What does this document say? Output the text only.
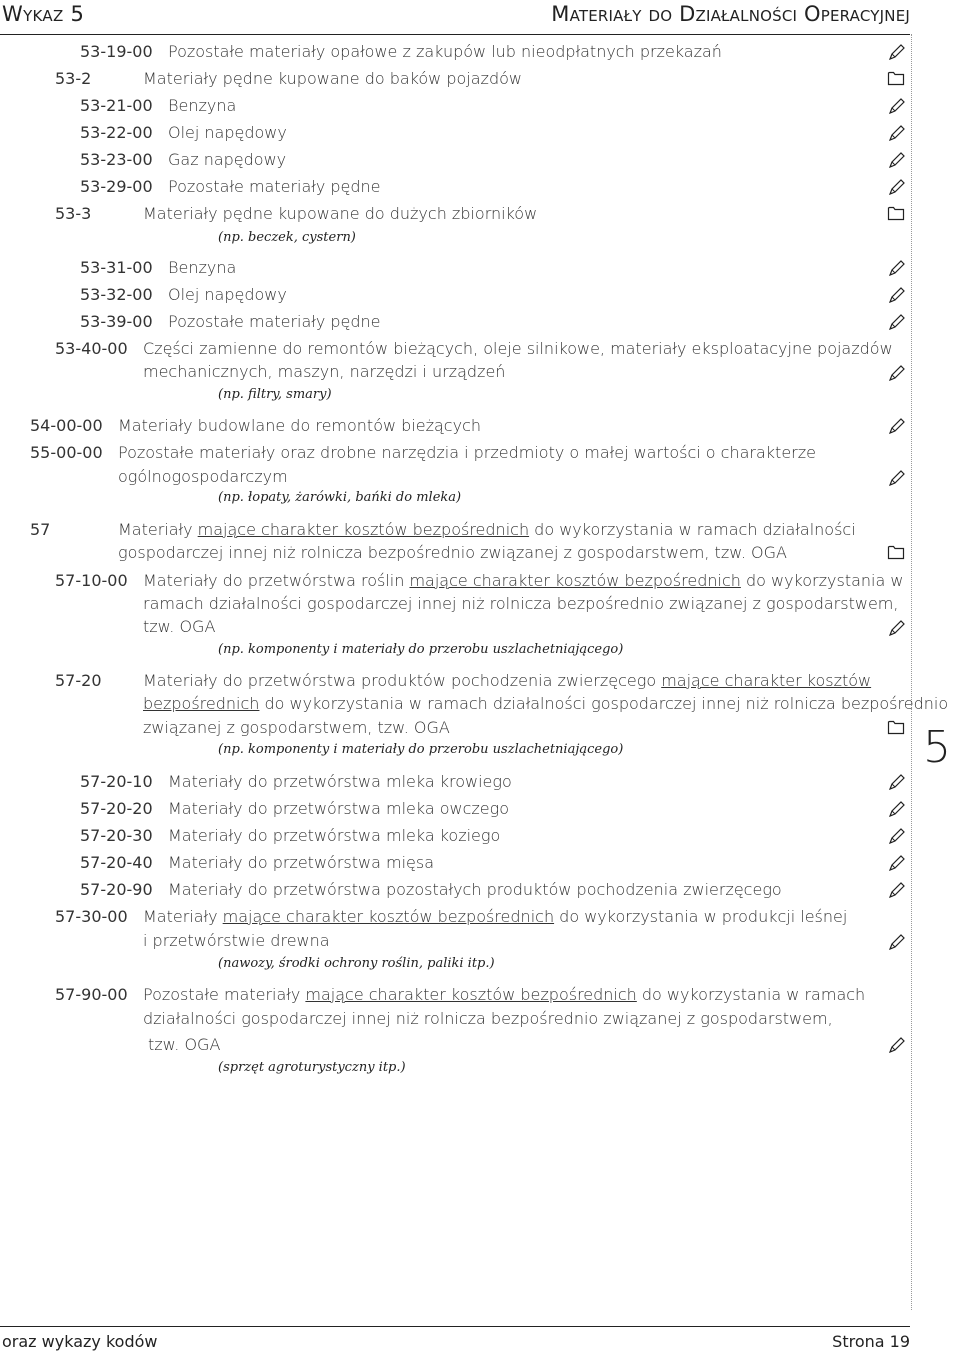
Wykaz 5	Materiały do Działalności Operacyjnej
5
53-19-00 Pozostałe materiały opałowe z zakupów lub nieodpłatnych przekazań
53-2	Materiały pędne kupowane do baków pojazdów
53-21-00 Benzyna
53-22-00 Olej napędowy
53-23-00 Gaz napędowy
53-29-00 Pozostałe materiały pędne
53-3	Materiały pędne kupowane do dużych zbiorników
(np. beczek, cystern)
53-31-00 Benzyna
53-32-00 Olej napędowy
53-39-00 Pozostałe materiały pędne
53-40-00 Części zamienne do remontów bieżących, oleje silnikowe, materiały eksploatacyjne pojazdów
mechanicznych, maszyn, narzędzi i urządzeń
(np. filtry, smary)
54-00-00 Materiały budowlane do remontów bieżących
55-00-00 Pozostałe materiały oraz drobne narzędzia i przedmioty o małej wartości o charakterze
ogólnogospodarczym
(np. łopaty, żarówki, bańki do mleka)
57	Materiały mające charakter kosztów bezpośrednich do wykorzystania w ramach działalności
gospodarczej innej niż rolnicza bezpośrednio związanej z gospodarstwem, tzw. OGA
57-10-00 Materiały do przetwórstwa roślin mające charakter kosztów bezpośrednich do wykorzystania w
ramach działalności gospodarczej innej niż rolnicza bezpośrednio związanej z gospodarstwem,
tzw. OGA
(np. komponenty i materiały do przerobu uszlachetniającego)
57-20	Materiały do przetwórstwa produktów pochodzenia zwierzęcego mające charakter kosztów
bezpośrednich do wykorzystania w ramach działalności gospodarczej innej niż rolnicza bezpośrednio
związanej z gospodarstwem, tzw. OGA
(np. komponenty i materiały do przerobu uszlachetniającego)
57-20-10 Materiały do przetwórstwa mleka krowiego
57-20-20 Materiały do przetwórstwa mleka owczego
57-20-30 Materiały do przetwórstwa mleka koziego
57-20-40 Materiały do przetwórstwa mięsa
57-20-90 Materiały do przetwórstwa pozostałych produktów pochodzenia zwierzęcego
57-30-00 Materiały mające charakter kosztów bezpośrednich do wykorzystania w produkcji leśnej
i przetwórstwie drewna
(nawozy, środki ochrony roślin, paliki itp.)
57-90-00 Pozostałe materiały mające charakter kosztów bezpośrednich do wykorzystania w ramach
działalności gospodarczej innej niż rolnicza bezpośrednio związanej z gospodarstwem,
tzw. OGA
(sprzęt agroturystyczny itp.)
oraz wykazy kodów	Strona 19
